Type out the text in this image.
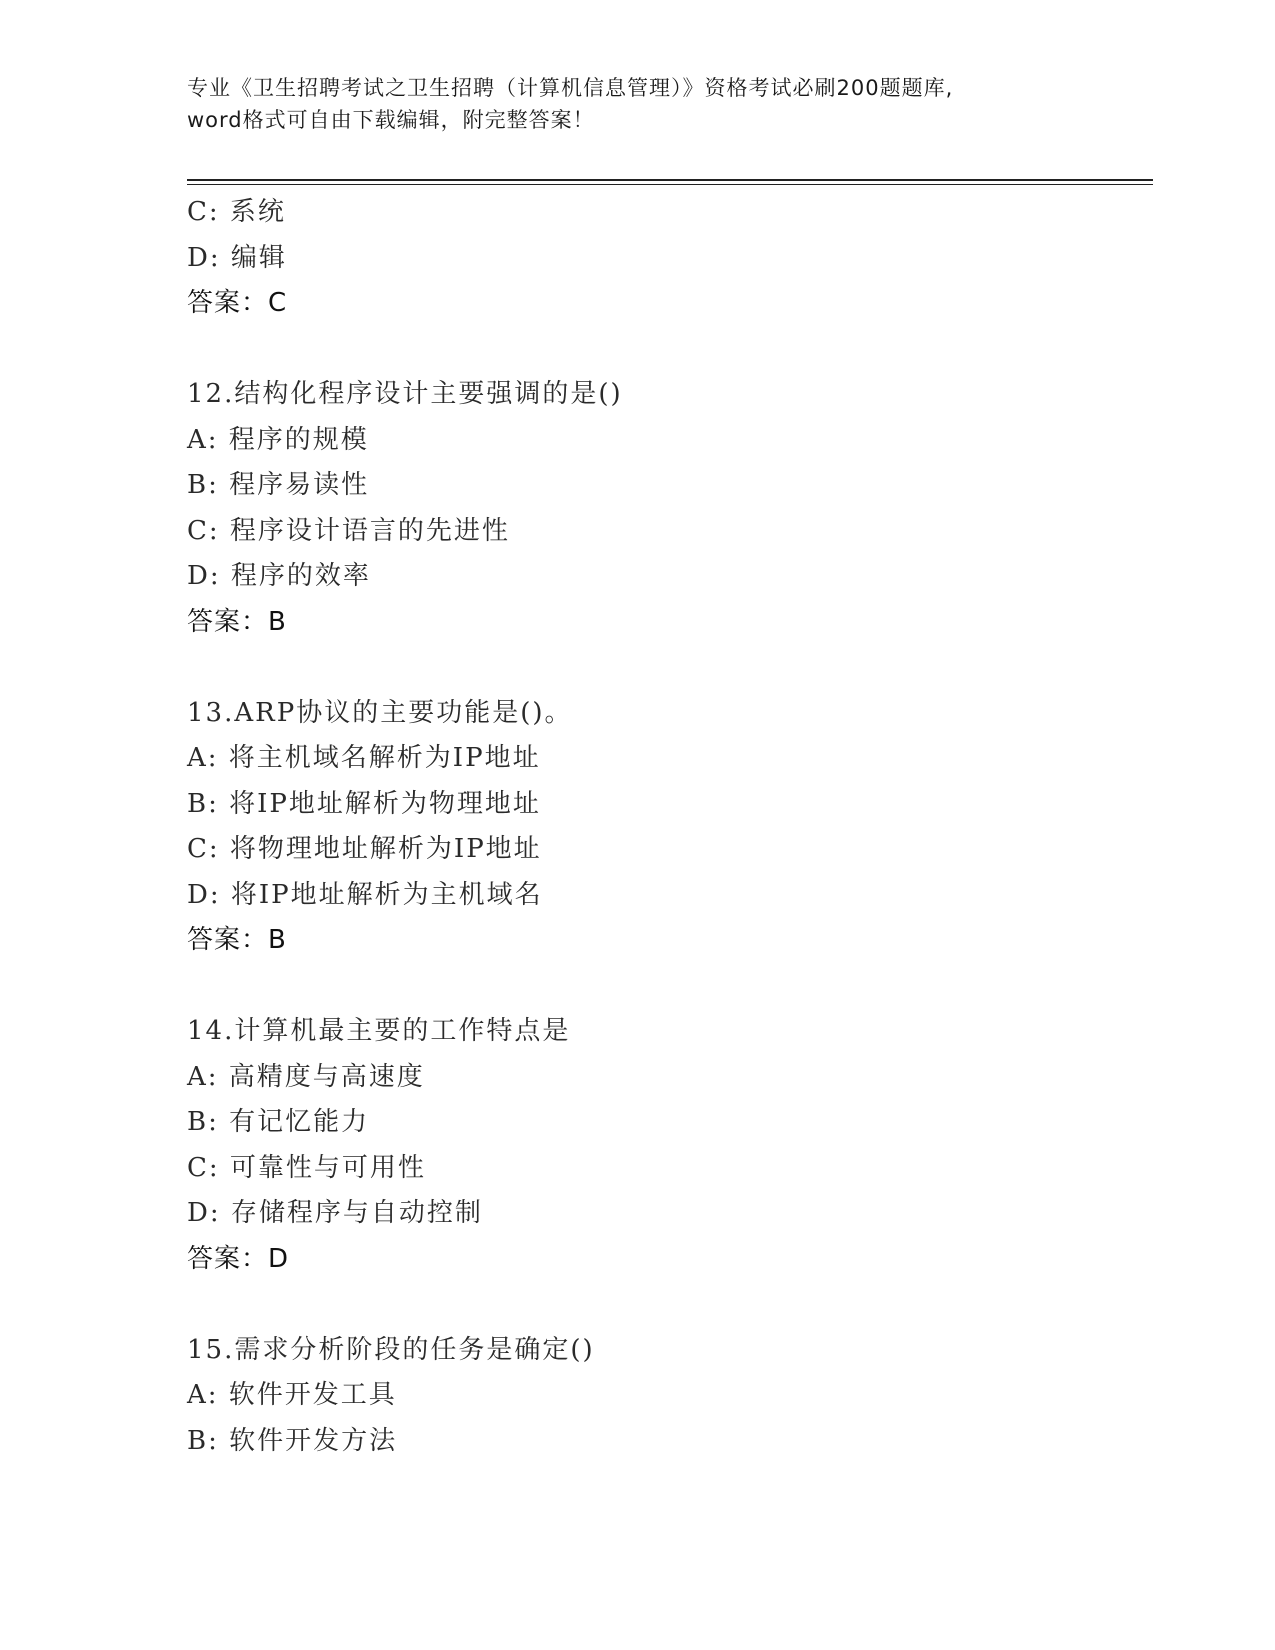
专业《卫生招聘考试之卫生招聘（计算机信息管理）》资格考试必刷200题题库,
word格式可自由下载编辑，附完整答案！
C: 系统
D: 编辑
答案：C
12.结构化程序设计主要强调的是()
A: 程序的规模
B: 程序易读性
C: 程序设计语言的先进性
D: 程序的效率
答案：B
13.ARP协议的主要功能是()。
A: 将主机域名解析为IP地址
B: 将IP地址解析为物理地址
C: 将物理地址解析为IP地址
D: 将IP地址解析为主机域名
答案：B
14.计算机最主要的工作特点是
A: 高精度与高速度
B: 有记忆能力
C: 可靠性与可用性
D: 存储程序与自动控制
答案：D
15.需求分析阶段的任务是确定()
A: 软件开发工具
B: 软件开发方法
